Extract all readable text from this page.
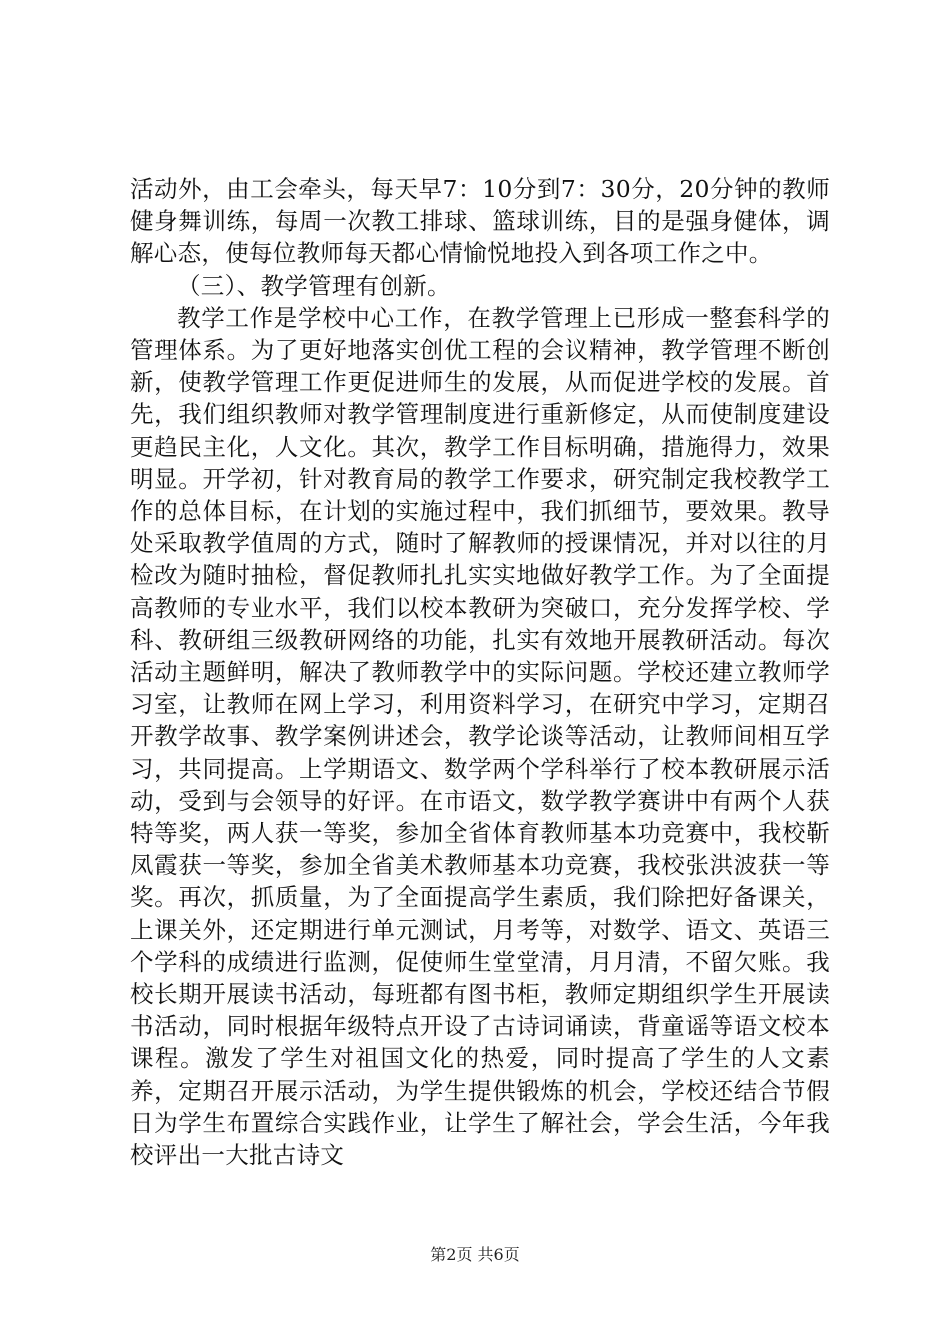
活动外，由工会牵头，每天早7：10分到7：30分，20分钟的教师健身舞训练，每周一次教工排球、篮球训练，目的是强身健体，调解心态，使每位教师每天都心情愉悦地投入到各项工作之中。

（三）、教学管理有创新。

教学工作是学校中心工作，在教学管理上已形成一整套科学的管理体系。为了更好地落实创优工程的会议精神，教学管理不断创新，使教学管理工作更促进师生的发展，从而促进学校的发展。首先，我们组织教师对教学管理制度进行重新修定，从而使制度建设更趋民主化，人文化。其次，教学工作目标明确，措施得力，效果明显。开学初，针对教育局的教学工作要求，研究制定我校教学工作的总体目标，在计划的实施过程中，我们抓细节，要效果。教导处采取教学值周的方式，随时了解教师的授课情况，并对以往的月检改为随时抽检，督促教师扎扎实实地做好教学工作。为了全面提高教师的专业水平，我们以校本教研为突破口，充分发挥学校、学科、教研组三级教研网络的功能，扎实有效地开展教研活动。每次活动主题鲜明，解决了教师教学中的实际问题。学校还建立教师学习室，让教师在网上学习，利用资料学习，在研究中学习，定期召开教学故事、教学案例讲述会，教学论谈等活动，让教师间相互学习，共同提高。上学期语文、数学两个学科举行了校本教研展示活动，受到与会领导的好评。在市语文，数学教学赛讲中有两个人获特等奖，两人获一等奖，参加全省体育教师基本功竞赛中，我校靳凤霞获一等奖，参加全省美术教师基本功竞赛，我校张洪波获一等奖。再次，抓质量，为了全面提高学生素质，我们除把好备课关，上课关外，还定期进行单元测试，月考等，对数学、语文、英语三个学科的成绩进行监测，促使师生堂堂清，月月清，不留欠账。我校长期开展读书活动，每班都有图书柜，教师定期组织学生开展读书活动，同时根据年级特点开设了古诗词诵读，背童谣等语文校本课程。激发了学生对祖国文化的热爱，同时提高了学生的人文素养，定期召开展示活动，为学生提供锻炼的机会，学校还结合节假日为学生布置综合实践作业，让学生了解社会，学会生活，今年我校评出一大批古诗文

第2页 共6页
